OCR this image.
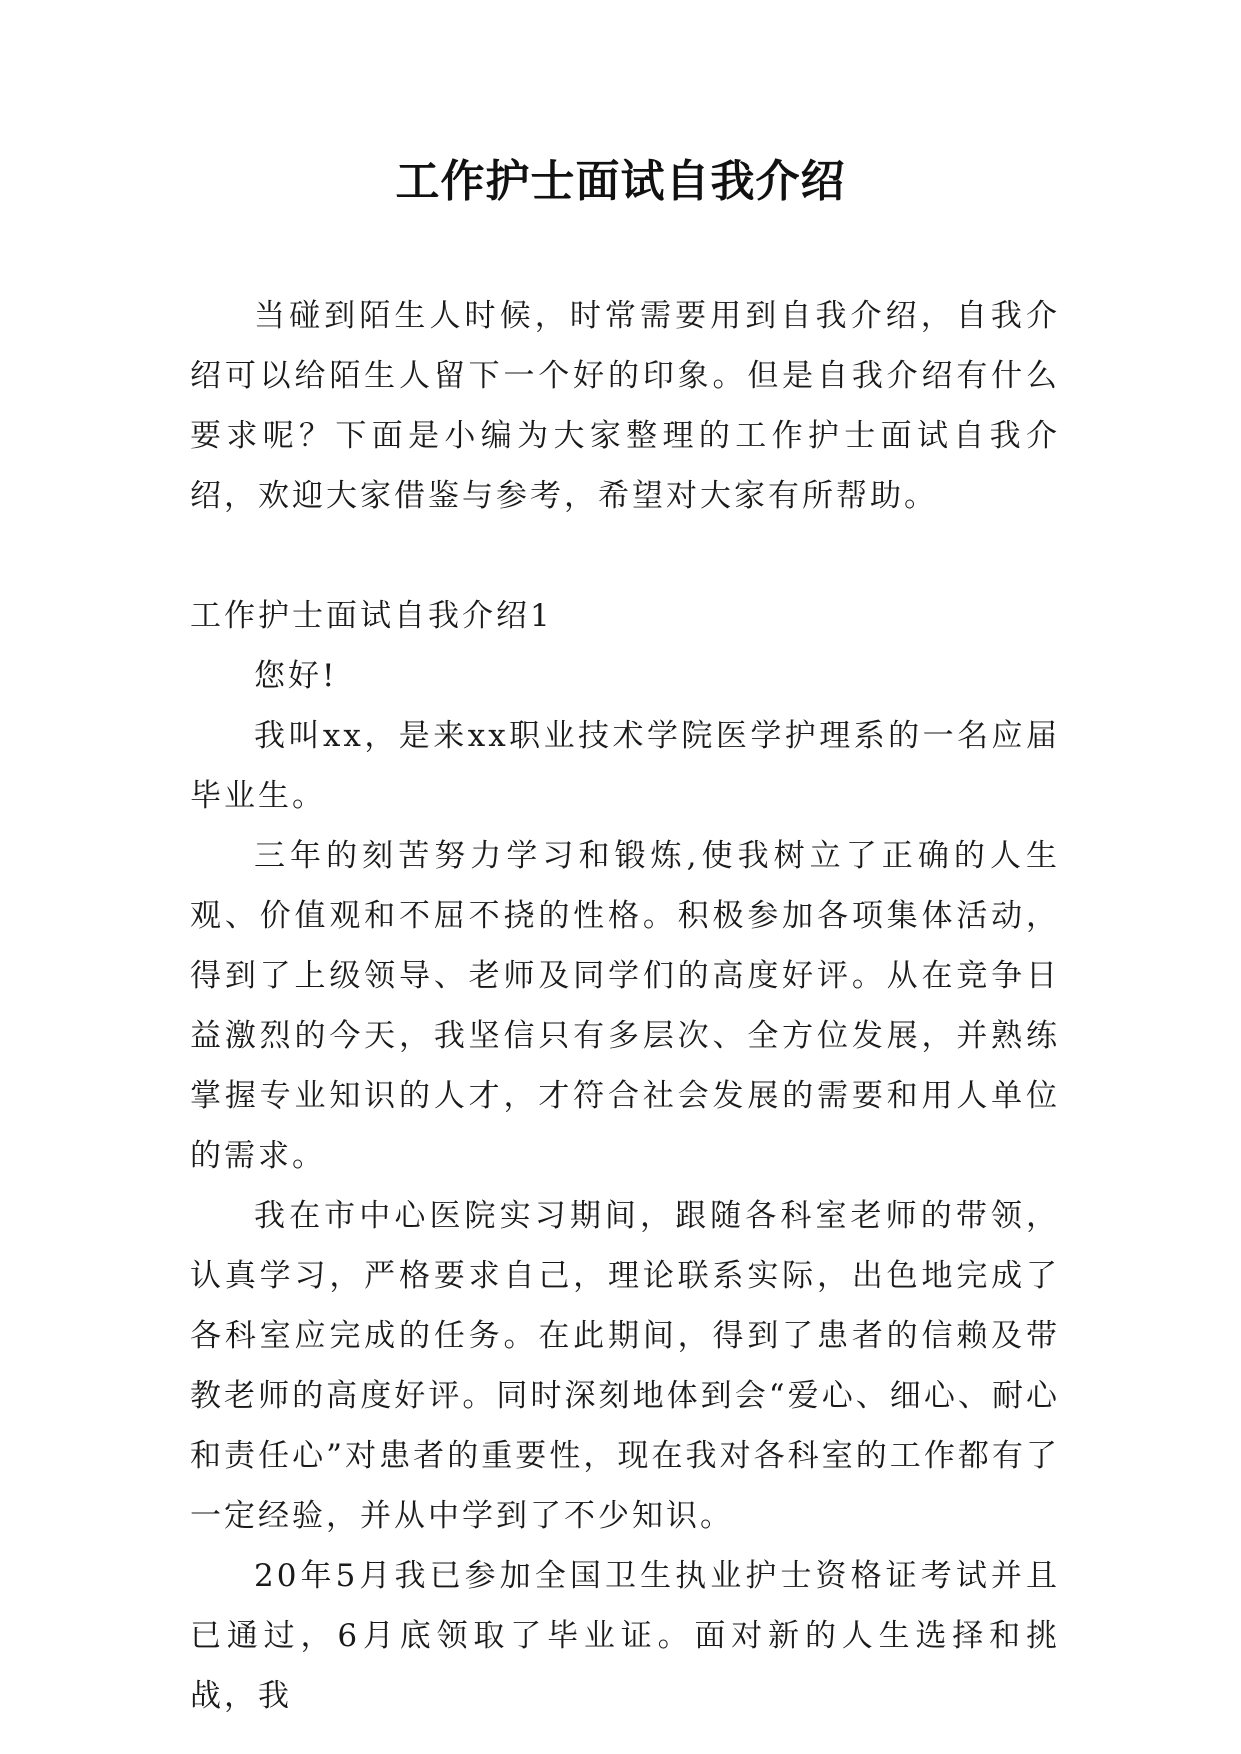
工作护士面试自我介绍

当碰到陌生人时候，时常需要用到自我介绍，自我介绍可以给陌生人留下一个好的印象。但是自我介绍有什么要求呢？下面是小编为大家整理的工作护士面试自我介绍，欢迎大家借鉴与参考，希望对大家有所帮助。

工作护士面试自我介绍1

您好!

我叫xx，是来xx职业技术学院医学护理系的一名应届毕业生。

三年的刻苦努力学习和锻炼,使我树立了正确的人生观、价值观和不屈不挠的性格。积极参加各项集体活动，得到了上级领导、老师及同学们的高度好评。从在竞争日益激烈的今天，我坚信只有多层次、全方位发展，并熟练掌握专业知识的人才，才符合社会发展的需要和用人单位的需求。

我在市中心医院实习期间，跟随各科室老师的带领，认真学习，严格要求自己，理论联系实际，出色地完成了各科室应完成的任务。在此期间，得到了患者的信赖及带教老师的高度好评。同时深刻地体到会“爱心、细心、耐心和责任心”对患者的重要性，现在我对各科室的工作都有了一定经验，并从中学到了不少知识。

20年5月我已参加全国卫生执业护士资格证考试并且已通过，6月底领取了毕业证。面对新的人生选择和挑战，我
